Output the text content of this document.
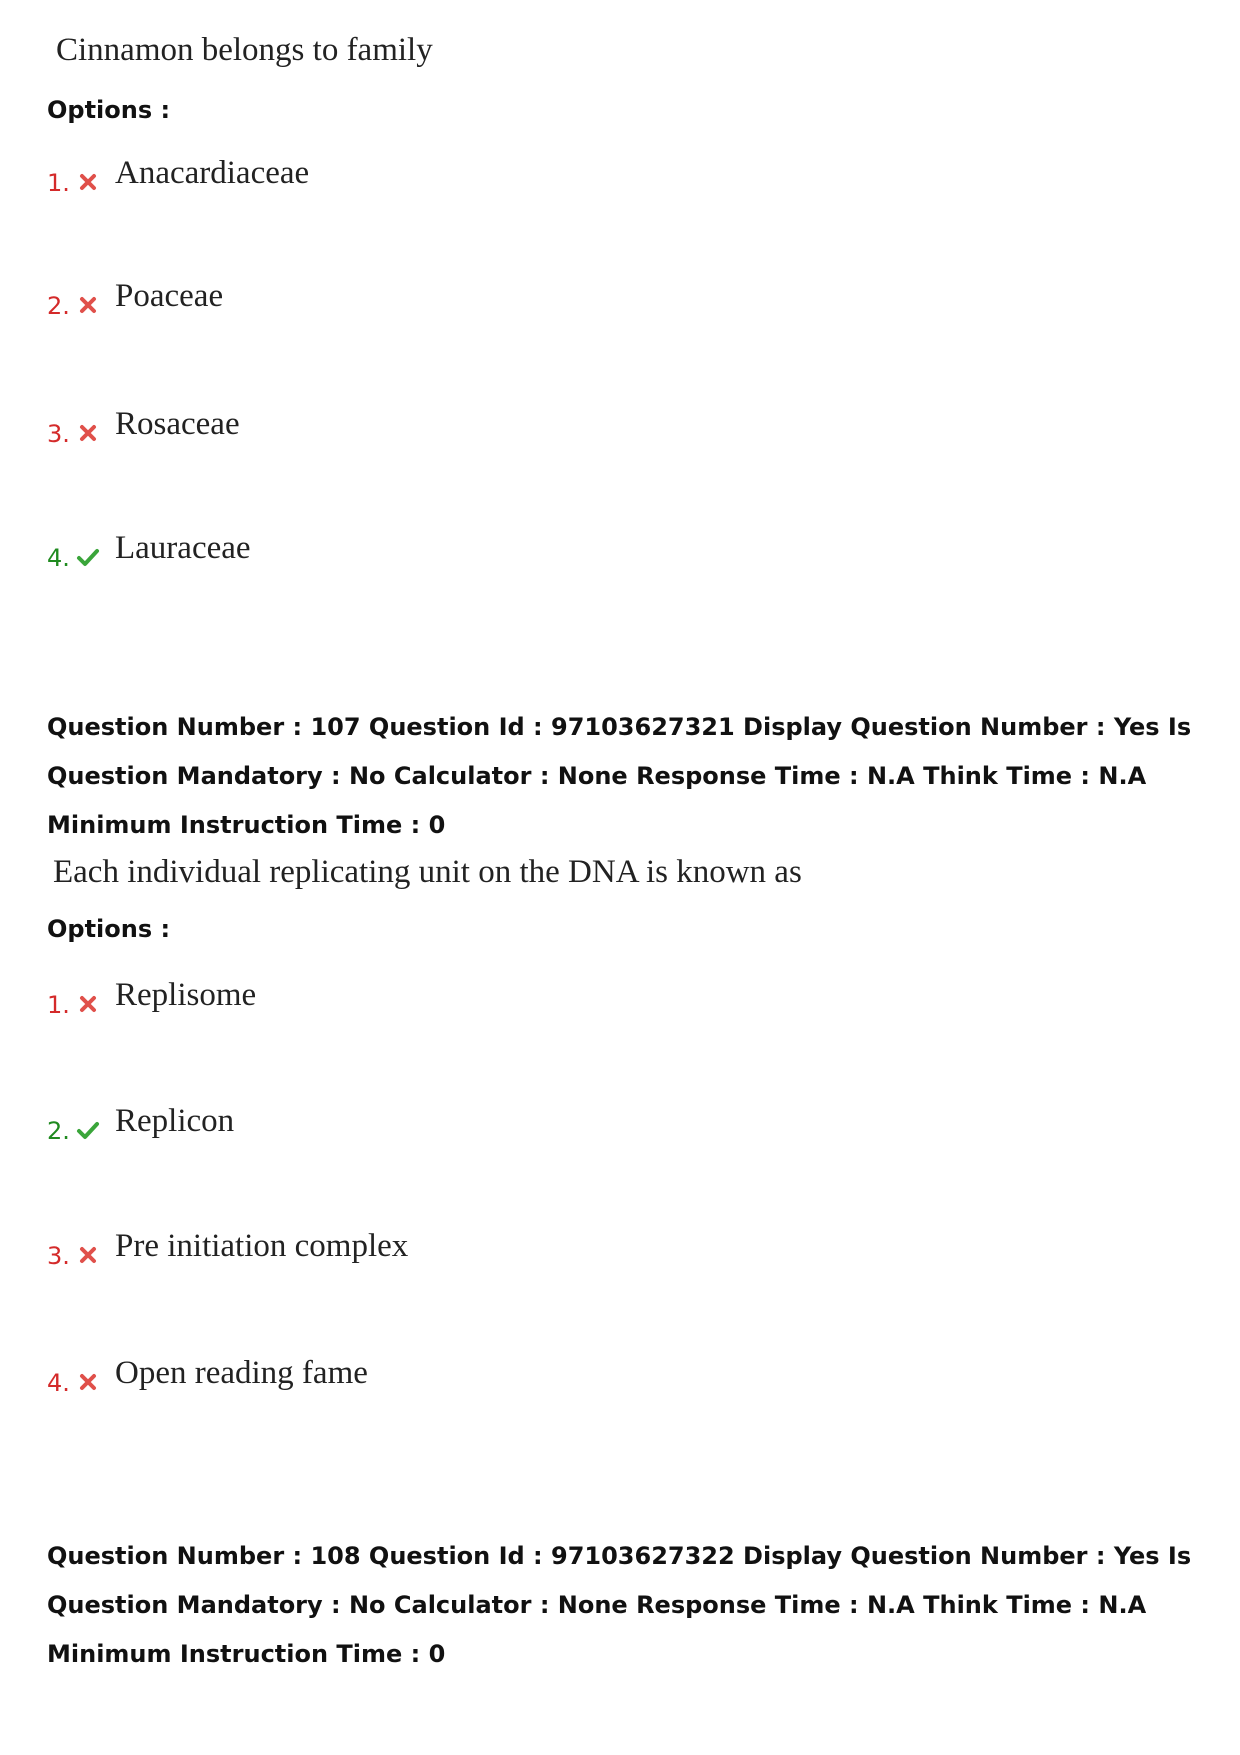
Cinnamon belongs to family
Options :
1. Anacardiaceae
2. Poaceae
3. Rosaceae
4. Lauraceae
Question Number : 107 Question Id : 97103627321 Display Question Number : Yes Is Question Mandatory : No Calculator : None Response Time : N.A Think Time : N.A Minimum Instruction Time : 0
Each individual replicating unit on the DNA is known as
Options :
1. Replisome
2. Replicon
3. Pre initiation complex
4. Open reading fame
Question Number : 108 Question Id : 97103627322 Display Question Number : Yes Is Question Mandatory : No Calculator : None Response Time : N.A Think Time : N.A Minimum Instruction Time : 0
